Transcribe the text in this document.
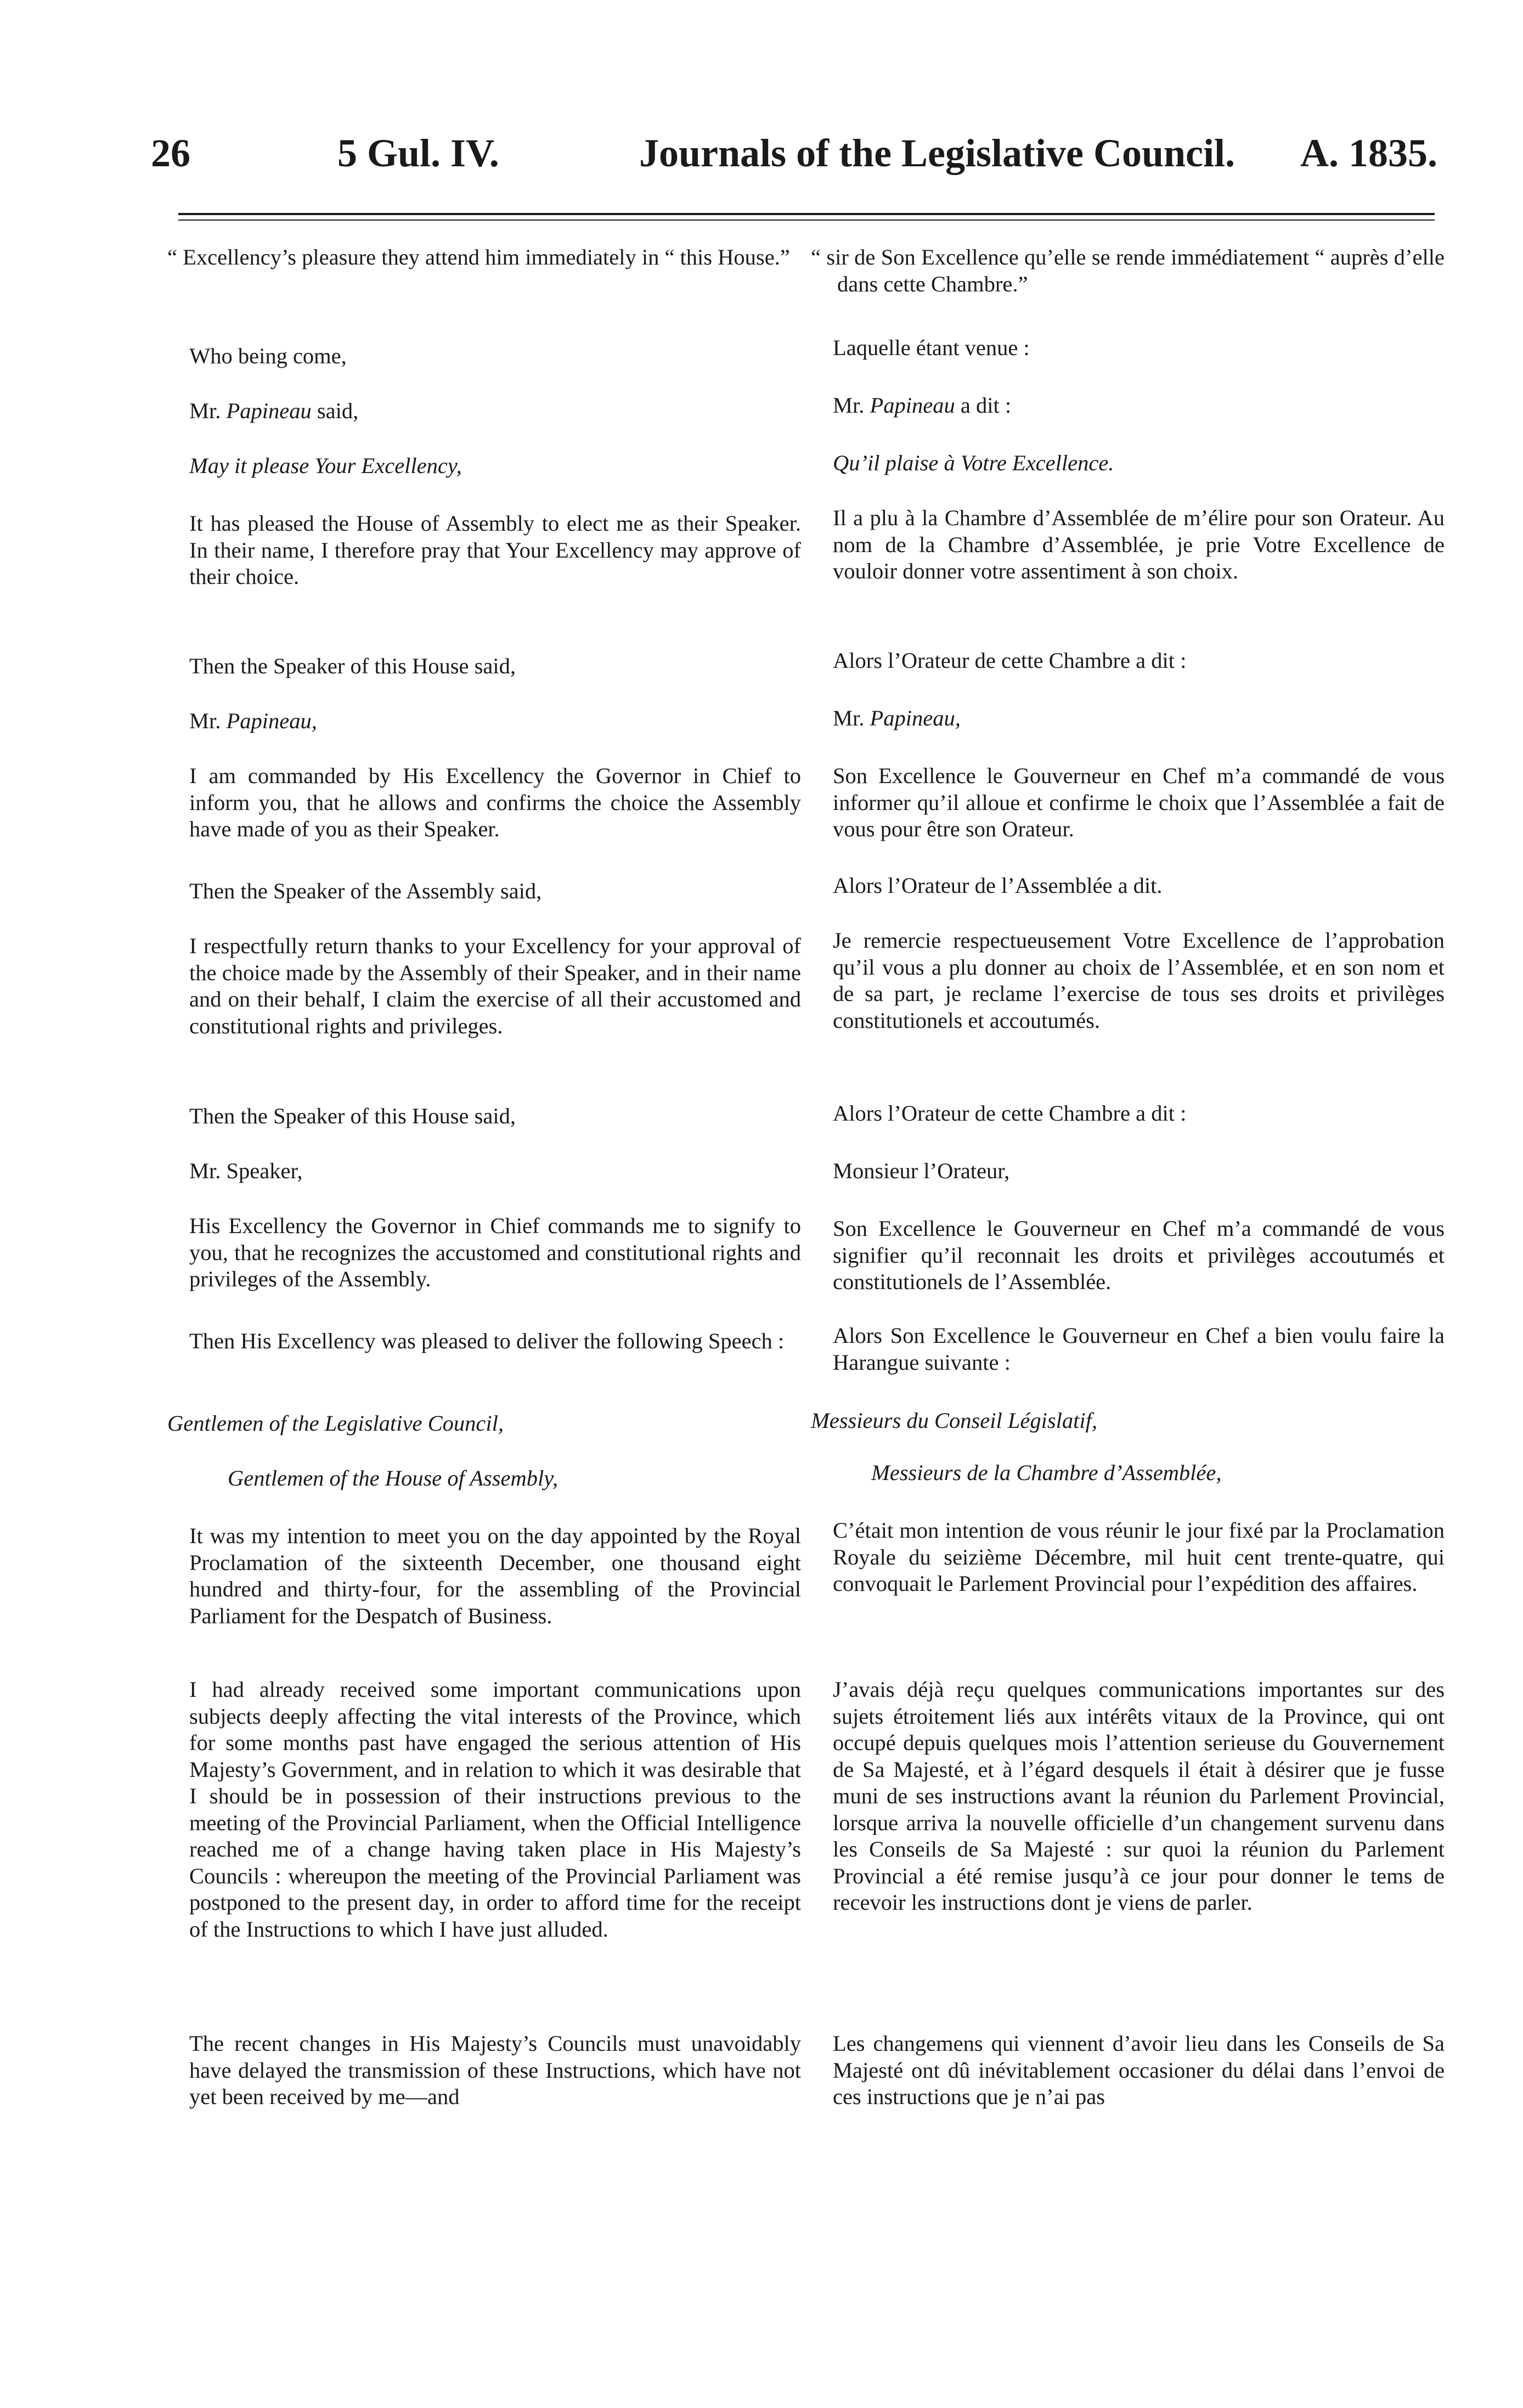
26	5 Gul. IV.	Journals of the Legislative Council. A. 1835.

“ Excellency’s pleasure they attend him immediately in “ this House.”

Who being come,

Mr. Papineau said,

May it please Your Excellency,

It has pleased the House of Assembly to elect me as their Speaker. In their name, I therefore pray that Your Excellency may approve of their choice.

Then the Speaker of this House said,

Mr. Papineau,

I am commanded by His Excellency the Governor in Chief to inform you, that he allows and confirms the choice the Assembly have made of you as their Speaker.

Then the Speaker of the Assembly said,

I respectfully return thanks to your Excellency for your approval of the choice made by the Assembly of their Speaker, and in their name and on their behalf, I claim the exercise of all their accustomed and constitutional rights and privileges.

Then the Speaker of this House said,

Mr. Speaker,

His Excellency the Governor in Chief commands me to signify to you, that he recognizes the accustomed and constitutional rights and privileges of the Assembly.

Then His Excellency was pleased to deliver the following Speech :

Gentlemen of the Legislative Council,

Gentlemen of the House of Assembly,

It was my intention to meet you on the day appointed by the Royal Proclamation of the sixteenth December, one thousand eight hundred and thirty-four, for the assembling of the Provincial Parliament for the Despatch of Business.

I had already received some important communications upon subjects deeply affecting the vital interests of the Province, which for some months past have engaged the serious attention of His Majesty’s Government, and in relation to which it was desirable that I should be in possession of their instructions previous to the meeting of the Provincial Parliament, when the Official Intelligence reached me of a change having taken place in His Majesty’s Councils : whereupon the meeting of the Provincial Parliament was postponed to the present day, in order to afford time for the receipt of the Instructions to which I have just alluded.

The recent changes in His Majesty’s Councils must unavoidably have delayed the transmission of these Instructions, which have not yet been received by me—and

“ sir de Son Excellence qu’elle se rende immédiatement “ auprès d’elle dans cette Chambre.”

Laquelle étant venue :

Mr. Papineau a dit :

Qu’il plaise à Votre Excellence.

Il a plu à la Chambre d’Assemblée de m’élire pour son Orateur. Au nom de la Chambre d’Assemblée, je prie Votre Excellence de vouloir donner votre assentiment à son choix.

Alors l’Orateur de cette Chambre a dit :

Mr. Papineau,

Son Excellence le Gouverneur en Chef m’a commandé de vous informer qu’il alloue et confirme le choix que l’Assemblée a fait de vous pour être son Orateur.

Alors l’Orateur de l’Assemblée a dit.

Je remercie respectueusement Votre Excellence de l’approbation qu’il vous a plu donner au choix de l’Assemblée, et en son nom et de sa part, je reclame l’exercise de tous ses droits et privilèges constitutionels et accoutumés.

Alors l’Orateur de cette Chambre a dit :

Monsieur l’Orateur,

Son Excellence le Gouverneur en Chef m’a commandé de vous signifier qu’il reconnait les droits et privilèges accoutumés et constitutionels de l’Assemblée.

Alors Son Excellence le Gouverneur en Chef a bien voulu faire la Harangue suivante :

Messieurs du Conseil Législatif,

Messieurs de la Chambre d’Assemblée,

C’était mon intention de vous réunir le jour fixé par la Proclamation Royale du seizième Décembre, mil huit cent trente-quatre, qui convoquait le Parlement Provincial pour l’expédition des affaires.

J’avais déjà reçu quelques communications importantes sur des sujets étroitement liés aux intérêts vitaux de la Province, qui ont occupé depuis quelques mois l’attention serieuse du Gouvernement de Sa Majesté, et à l’égard desquels il était à désirer que je fusse muni de ses instructions avant la réunion du Parlement Provincial, lorsque arriva la nouvelle officielle d’un changement survenu dans les Conseils de Sa Majesté : sur quoi la réunion du Parlement Provincial a été remise jusqu’à ce jour pour donner le tems de recevoir les instructions dont je viens de parler.

Les changemens qui viennent d’avoir lieu dans les Conseils de Sa Majesté ont dû inévitablement occasioner du délai dans l’envoi de ces instructions que je n’ai pas
